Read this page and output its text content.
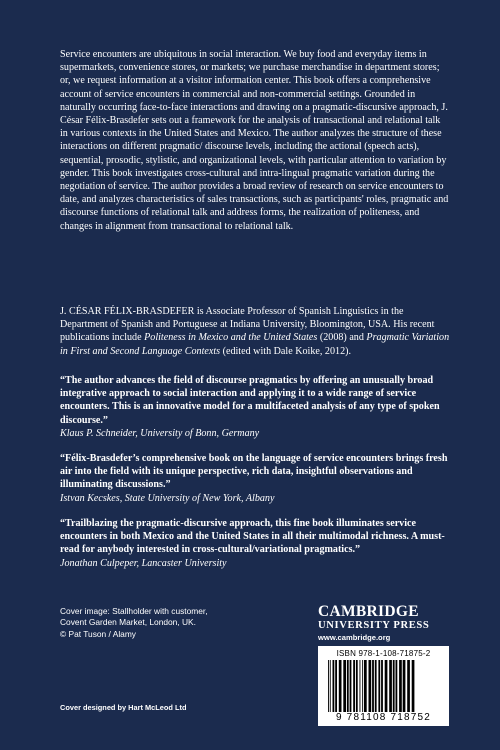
Service encounters are ubiquitous in social interaction. We buy food and everyday items in supermarkets, convenience stores, or markets; we purchase merchandise in department stores; or, we request information at a visitor information center. This book offers a comprehensive account of service encounters in commercial and non-commercial settings. Grounded in naturally occurring face-to-face interactions and drawing on a pragmatic-discursive approach, J. César Félix-Brasdefer sets out a framework for the analysis of transactional and relational talk in various contexts in the United States and Mexico. The author analyzes the structure of these interactions on different pragmatic/ discourse levels, including the actional (speech acts), sequential, prosodic, stylistic, and organizational levels, with particular attention to variation by gender. This book investigates cross-cultural and intra-lingual pragmatic variation during the negotiation of service. The author provides a broad review of research on service encounters to date, and analyzes characteristics of sales transactions, such as participants' roles, pragmatic and discourse functions of relational talk and address forms, the realization of politeness, and changes in alignment from transactional to relational talk.

J. CÉSAR FÉLIX-BRASDEFER is Associate Professor of Spanish Linguistics in the Department of Spanish and Portuguese at Indiana University, Bloomington, USA. His recent publications include Politeness in Mexico and the United States (2008) and Pragmatic Variation in First and Second Language Contexts (edited with Dale Koike, 2012).

“The author advances the field of discourse pragmatics by offering an unusually broad integrative approach to social interaction and applying it to a wide range of service encounters. This is an innovative model for a multifaceted analysis of any type of spoken discourse.”
Klaus P. Schneider, University of Bonn, Germany

“Félix-Brasdefer’s comprehensive book on the language of service encounters brings fresh air into the field with its unique perspective, rich data, insightful observations and illuminating discussions.”
Istvan Kecskes, State University of New York, Albany

“Trailblazing the pragmatic-discursive approach, this fine book illuminates service encounters in both Mexico and the United States in all their multimodal richness. A must-read for anybody interested in cross-cultural/variational pragmatics.”
Jonathan Culpeper, Lancaster University

Cover image: Stallholder with customer,
Covent Garden Market, London, UK.
© Pat Tuson / Alamy
Cover designed by Hart McLeod Ltd
CAMBRIDGE
UNIVERSITY PRESS
www.cambridge.org
ISBN 978-1-108-71875-2
9 781108 718752
